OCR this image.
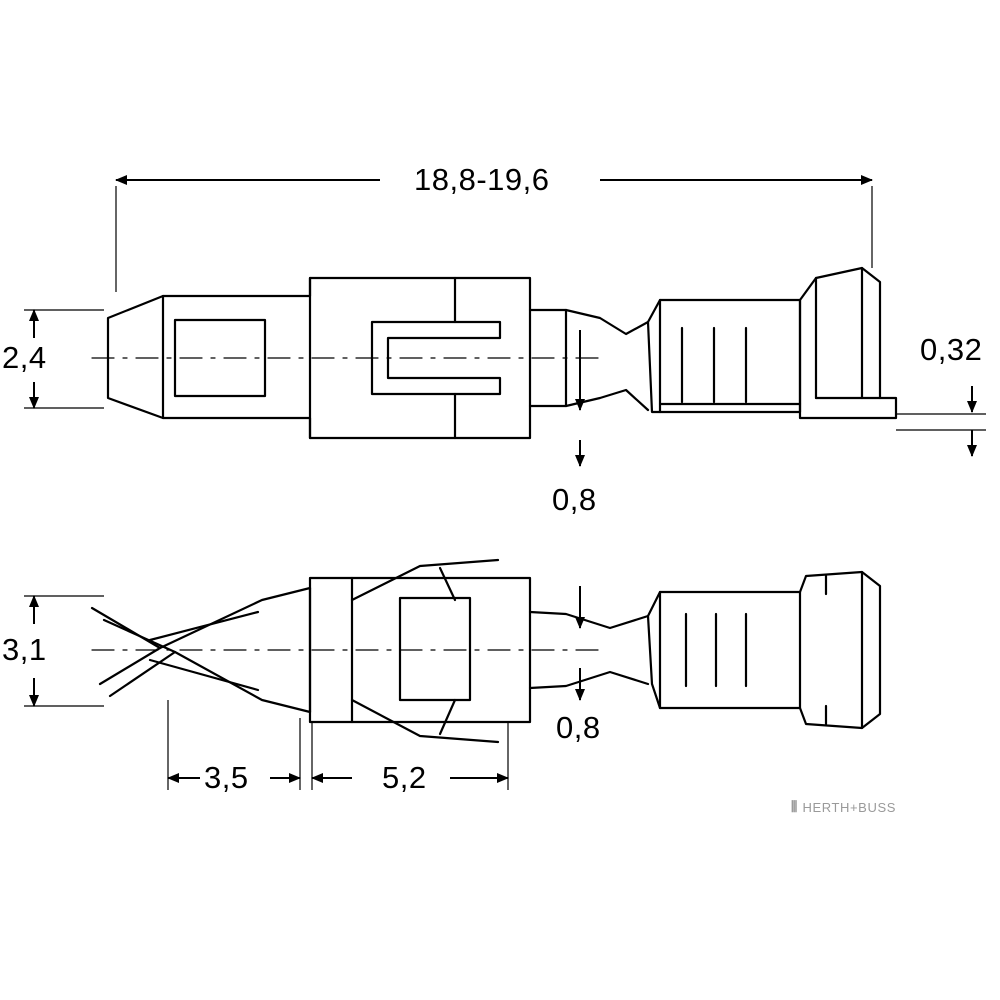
18,8-19,6
2,4	0,32
0,8
3,1
0,8
3,5	5,2
⦀ HERTH+BUSS
